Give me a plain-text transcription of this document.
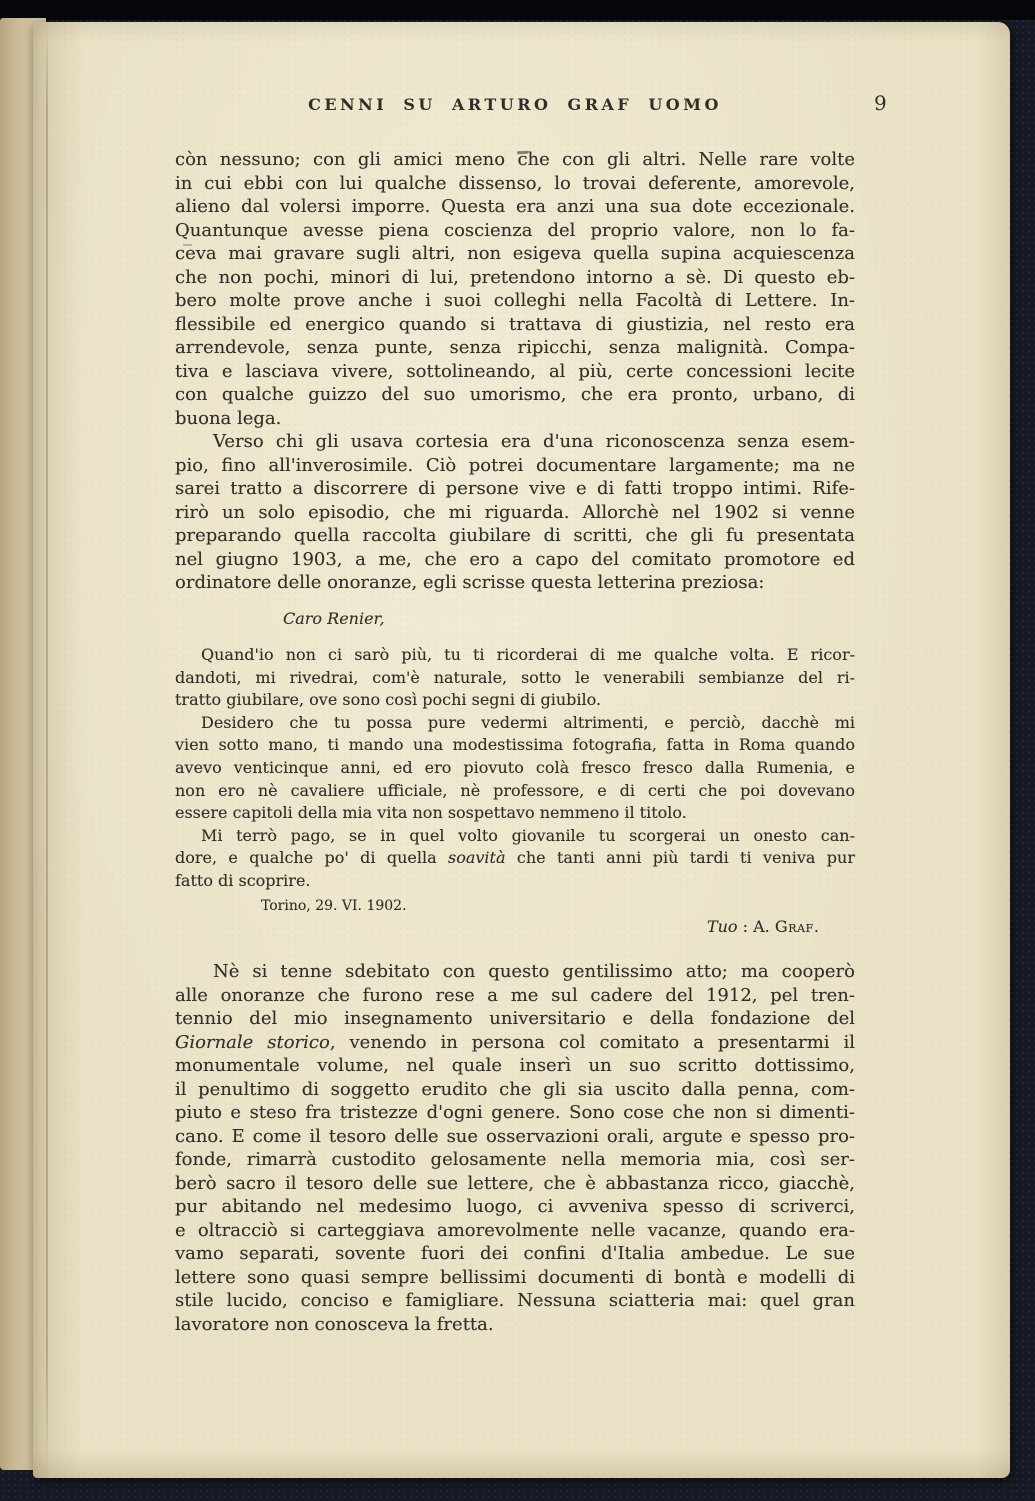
CENNI SU ARTURO GRAF UOMO	9
còn nessuno; con gli amici meno che con gli altri. Nelle rare volte
in cui ebbi con lui qualche dissenso, lo trovai deferente, amorevole,
alieno dal volersi imporre. Questa era anzi una sua dote eccezionale.
Quantunque avesse piena coscienza del proprio valore, non lo fa-
ceva mai gravare sugli altri, non esigeva quella supina acquiescenza
che non pochi, minori di lui, pretendono intorno a sè. Di questo eb-
bero molte prove anche i suoi colleghi nella Facoltà di Lettere. In-
flessibile ed energico quando si trattava di giustizia, nel resto era
arrendevole, senza punte, senza ripicchi, senza malignità. Compa-
tiva e lasciava vivere, sottolineando, al più, certe concessioni lecite
con qualche guizzo del suo umorismo, che era pronto, urbano, di
buona lega.
Verso chi gli usava cortesia era d'una riconoscenza senza esem-
pio, fino all'inverosimile. Ciò potrei documentare largamente; ma ne
sarei tratto a discorrere di persone vive e di fatti troppo intimi. Rife-
rirò un solo episodio, che mi riguarda. Allorchè nel 1902 si venne
preparando quella raccolta giubilare di scritti, che gli fu presentata
nel giugno 1903, a me, che ero a capo del comitato promotore ed
ordinatore delle onoranze, egli scrisse questa letterina preziosa:
Caro Renier,
Quand'io non ci sarò più, tu ti ricorderai di me qualche volta. E ricor-
dandoti, mi rivedrai, com'è naturale, sotto le venerabili sembianze del ri-
tratto giubilare, ove sono così pochi segni di giubilo.
Desidero che tu possa pure vedermi altrimenti, e perciò, dacchè mi
vien sotto mano, ti mando una modestissima fotografia, fatta in Roma quando
avevo venticinque anni, ed ero piovuto colà fresco fresco dalla Rumenia, e
non ero nè cavaliere ufficiale, nè professore, e di certi che poi dovevano
essere capitoli della mia vita non sospettavo nemmeno il titolo.
Mi terrò pago, se in quel volto giovanile tu scorgerai un onesto can-
dore, e qualche po' di quella soavità che tanti anni più tardi ti veniva pur
fatto di scoprire.
Torino, 29. VI. 1902.
Tuo : A. Graf.
Nè si tenne sdebitato con questo gentilissimo atto; ma cooperò
alle onoranze che furono rese a me sul cadere del 1912, pel tren-
tennio del mio insegnamento universitario e della fondazione del
Giornale storico, venendo in persona col comitato a presentarmi il
monumentale volume, nel quale inserì un suo scritto dottissimo,
il penultimo di soggetto erudito che gli sia uscito dalla penna, com-
piuto e steso fra tristezze d'ogni genere. Sono cose che non si dimenti-
cano. E come il tesoro delle sue osservazioni orali, argute e spesso pro-
fonde, rimarrà custodito gelosamente nella memoria mia, così ser-
berò sacro il tesoro delle sue lettere, che è abbastanza ricco, giacchè,
pur abitando nel medesimo luogo, ci avveniva spesso di scriverci,
e oltracciò si carteggiava amorevolmente nelle vacanze, quando era-
vamo separati, sovente fuori dei confini d'Italia ambedue. Le sue
lettere sono quasi sempre bellissimi documenti di bontà e modelli di
stile lucido, conciso e famigliare. Nessuna sciatteria mai: quel gran
lavoratore non conosceva la fretta.
